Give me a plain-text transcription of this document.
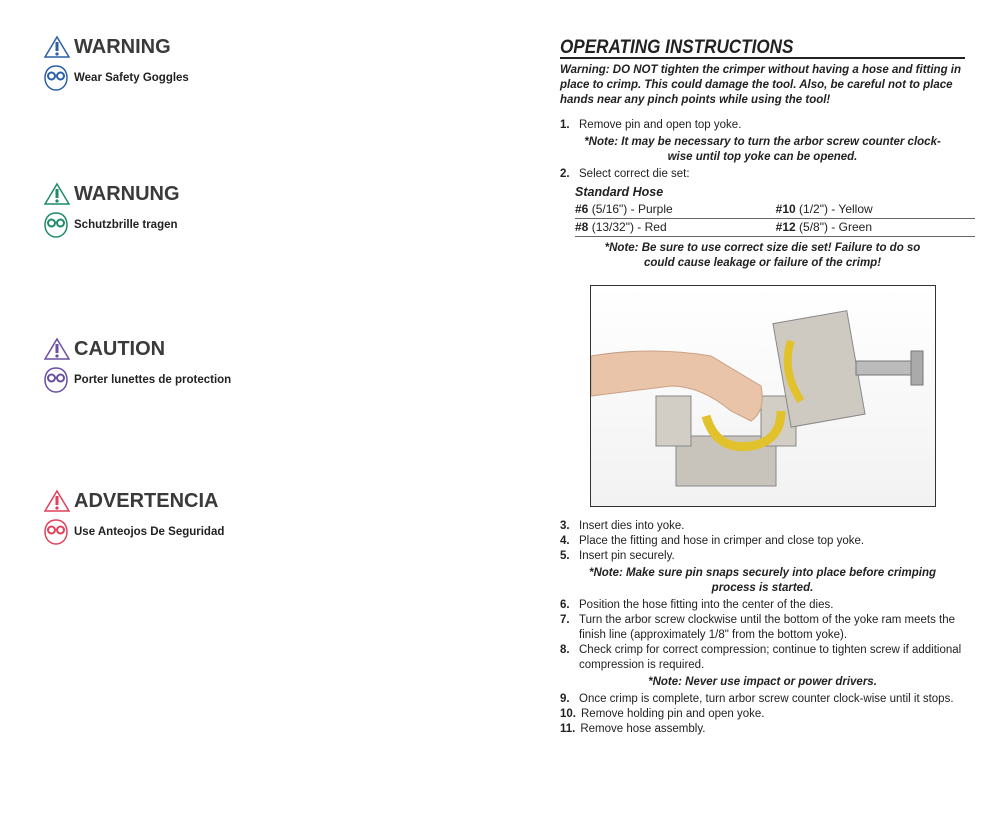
WARNING
Wear Safety Goggles
WARNUNG
Schutzbrille tragen
CAUTION
Porter lunettes de protection
ADVERTENCIA
Use Anteojos De Seguridad
OPERATING INSTRUCTIONS
Warning: DO NOT tighten the crimper without having a hose and fitting in place to crimp. This could damage the tool. Also, be careful not to place hands near any pinch points while using the tool!
1. Remove pin and open top yoke.
*Note: It may be necessary to turn the arbor screw counter clock-wise until top yoke can be opened.
2. Select correct die set:
Standard Hose
#6 (5/16") - Purple	#10 (1/2") - Yellow
#8 (13/32") - Red	#12 (5/8") - Green
*Note: Be sure to use correct size die set! Failure to do so could cause leakage or failure of the crimp!
3. Insert dies into yoke.
4. Place the fitting and hose in crimper and close top yoke.
5. Insert pin securely.
*Note: Make sure pin snaps securely into place before crimping process is started.
6. Position the hose fitting into the center of the dies.
7. Turn the arbor screw clockwise until the bottom of the yoke ram meets the finish line (approximately 1/8" from the bottom yoke).
8. Check crimp for correct compression; continue to tighten screw if additional compression is required.
*Note: Never use impact or power drivers.
9. Once crimp is complete, turn arbor screw counter clock-wise until it stops.
10. Remove holding pin and open yoke.
11. Remove hose assembly.
